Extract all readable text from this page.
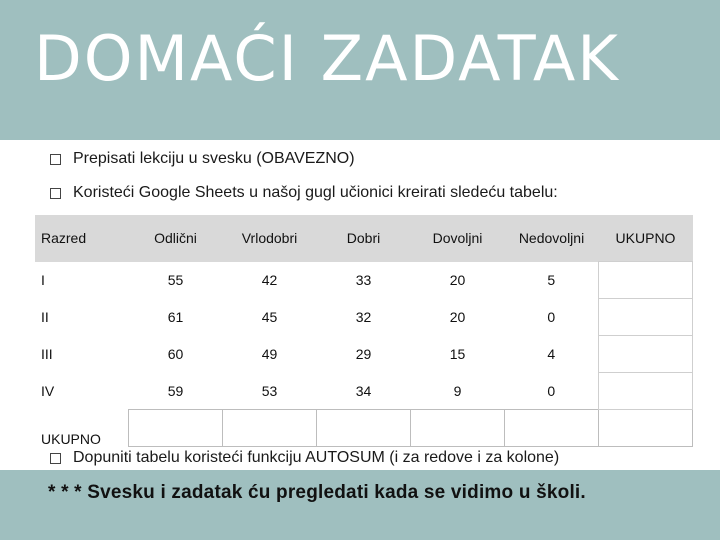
DOMAĆI ZADATAK
Prepisati lekciju u svesku (OBAVEZNO)
Koristeći Google Sheets u našoj gugl učionici kreirati sledeću tabelu:
Razred	Odlični	Vrlodobri	Dobri	Dovoljni	Nedovoljni	UKUPNO
I	55	42	33	20	5	
II	61	45	32	20	0	
III	60	49	29	15	4	
IV	59	53	34	9	0	
UKUPNO						
Dopuniti tabelu koristeći funkciju AUTOSUM (i za redove i za kolone)
* * * Svesku i zadatak ću pregledati kada se vidimo u školi.
